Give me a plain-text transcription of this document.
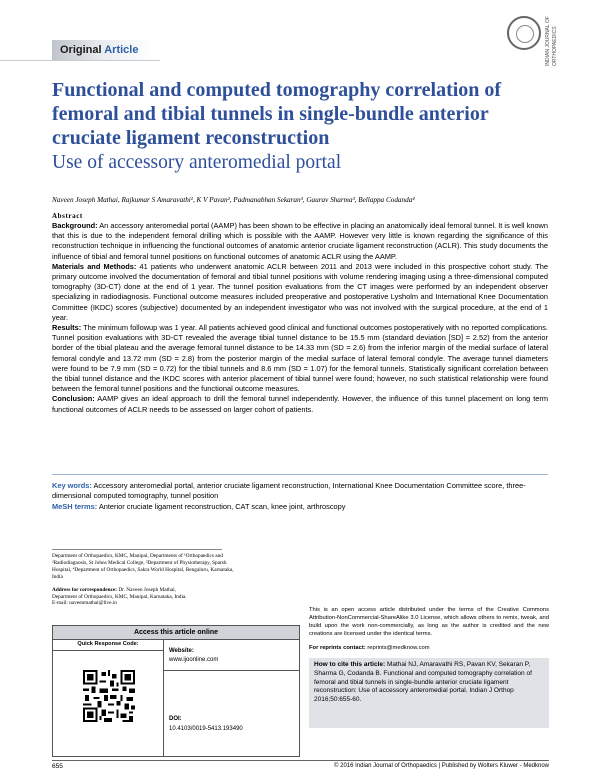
Original Article	INDIAN JOURNAL OF ORTHOPAEDICS
Functional and computed tomography correlation of femoral and tibial tunnels in single-bundle anterior cruciate ligament reconstruction
Use of accessory anteromedial portal
Naveen Joseph Mathai, Rajkumar S Amaravathi¹, K V Pavan², Padmanabhan Sekaran³, Gaurav Sharma³, Bellappa Codanda⁴
Abstract

Background: An accessory anteromedial portal (AAMP) has been shown to be effective in placing an anatomically ideal femoral tunnel. It is well known that this is due to the independent femoral drilling which is possible with the AAMP. However very little is known regarding the significance of this reconstruction technique in influencing the functional outcomes of anatomic anterior cruciate ligament reconstruction (ACLR). This study documents the influence of tibial and femoral tunnel positions on functional outcomes of anatomic ACLR using the AAMP.

Materials and Methods: 41 patients who underwent anatomic ACLR between 2011 and 2013 were included in this prospective cohort study. The primary outcome involved the documentation of femoral and tibial tunnel positions with volume rendering imaging using a three-dimensional computed tomography (3D-CT) done at the end of 1 year. The tunnel position evaluations from the CT images were performed by an independent observer specializing in radiodiagnosis. Functional outcome measures included preoperative and postoperative Lysholm and International Knee Documentation Committee (IKDC) scores (subjective) documented by an independent investigator who was not involved with the surgical procedure, at the end of 1 year.

Results: The minimum followup was 1 year. All patients achieved good clinical and functional outcomes postoperatively with no reported complications. Tunnel position evaluations with 3D-CT revealed the average tibial tunnel distance to be 15.5 mm (standard deviation [SD] = 2.52) from the anterior border of the tibial plateau and the average femoral tunnel distance to be 14.33 mm (SD = 2.6) from the inferior margin of the medial surface of lateral femoral condyle and 13.72 mm (SD = 2.8) from the posterior margin of the medial surface of lateral femoral condyle. The average tunnel diameters were found to be 7.9 mm (SD = 0.72) for the tibial tunnels and 8.6 mm (SD = 1.07) for the femoral tunnels. Statistically significant correlation between the tibial tunnel distance and the IKDC scores with anterior placement of tibial tunnel were found; however, no such statistical relationship were found between the femoral tunnel positions and the functional outcome measures.

Conclusion: AAMP gives an ideal approach to drill the femoral tunnel independently. However, the influence of this tunnel placement on long term functional outcomes of ACLR needs to be assessed on larger cohort of patients.

Key words: Accessory anteromedial portal, anterior cruciate ligament reconstruction, International Knee Documentation Committee score, three-dimensional computed tomography, tunnel position

MeSH terms: Anterior cruciate ligament reconstruction, CAT scan, knee joint, arthroscopy

Department of Orthopaedics, KMC, Manipal, Departments of ¹Orthopaedics and

³Radiodiagnosis, St Johns Medical College, ²Department of Physiotherapy, Sparsh

Hospital, ⁴Department of Orthopaedics, Sakra World Hospital, Bengaluru, Karnataka,

India

Address for correspondence: Dr. Naveen Joseph Mathai,

Department of Orthopaedics, KMC, Manipal, Karnataka, India.

E-mail: naveenmathai@live.in

Access this article online
Quick Response Code:
Website:
www.ijoonline.com
DOI:
10.4103/0019-5413.193490
This is an open access article distributed under the terms of the Creative Commons Attribution-NonCommercial-ShareAlike 3.0 License, which allows others to remix, tweak, and build upon the work non-commercially, as long as the author is credited and the new creations are licensed under the identical terms.
For reprints contact: reprints@medknow.com
How to cite this article: Mathai NJ, Amaravathi RS, Pavan KV, Sekaran P, Sharma G, Codanda B. Functional and computed tomography correlation of femoral and tibial tunnels in single-bundle anterior cruciate ligament reconstruction: Use of accessory anteromedial portal. Indian J Orthop 2016;50:655-60.
655	© 2016 Indian Journal of Orthopaedics | Published by Wolters Kluwer - Medknow
